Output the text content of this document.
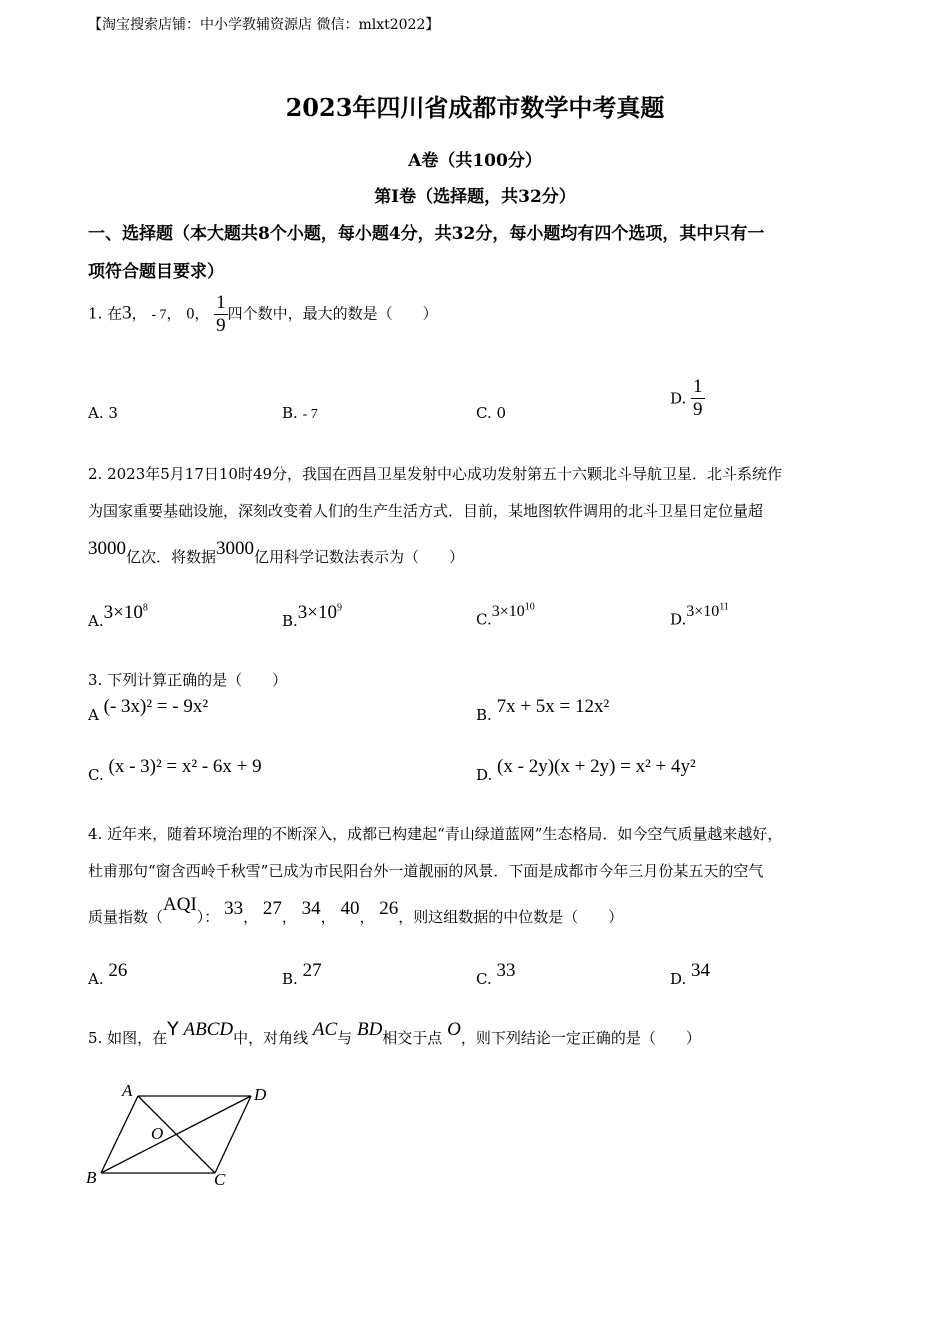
【淘宝搜索店铺：中小学教辅资源店 微信：mlxt2022】
2023年四川省成都市数学中考真题
A卷（共100分）
第I卷（选择题，共32分）
一、选择题（本大题共8个小题，每小题4分，共32分，每小题均有四个选项，其中只有一
项符合题目要求）
1. 在3， - 7， 0， $\frac{1}{9}$ 四个数中，最大的数是（　　）
A. 3	B. - 7	C. 0
D. $\frac{1}{9}$
2. 2023年5月17日10时49分，我国在西昌卫星发射中心成功发射第五十六颗北斗导航卫星．北斗系统作
为国家重要基础设施，深刻改变着人们的生产生活方式．目前，某地图软件调用的北斗卫星日定位量超
3000亿次．将数据3000亿用科学记数法表示为（　　）
$A.3\times 10^8$
$B.3\times 10^9$
$C.3\times 10^{10}$
$D.3\times 10^{11}$
3. 下列计算正确的是（　　）
A (- 3x)² = - 9x²	B. 7x + 5x = 12x²
C. (x - 3)² = x² - 6x + 9	D. (x - 2y)(x + 2y) = x² + 4y²
4. 近年来，随着环境治理的不断深入，成都已构建起“青山绿道蓝网”生态格局．如今空气质量越来越好，
杜甫那句“窗含西岭千秋雪”已成为市民阳台外一道靓丽的风景．下面是成都市今年三月份某五天的空气
质量指数（AQI）： 33， 27， 34， 40， 26，则这组数据的中位数是（　　）
A. 26	B. 27	C. 33	D. 34
5. 如图，在Y ABCD中，对角线 AC与 BD相交于点 O，则下列结论一定正确的是（　　）
A	D
B	C
O
